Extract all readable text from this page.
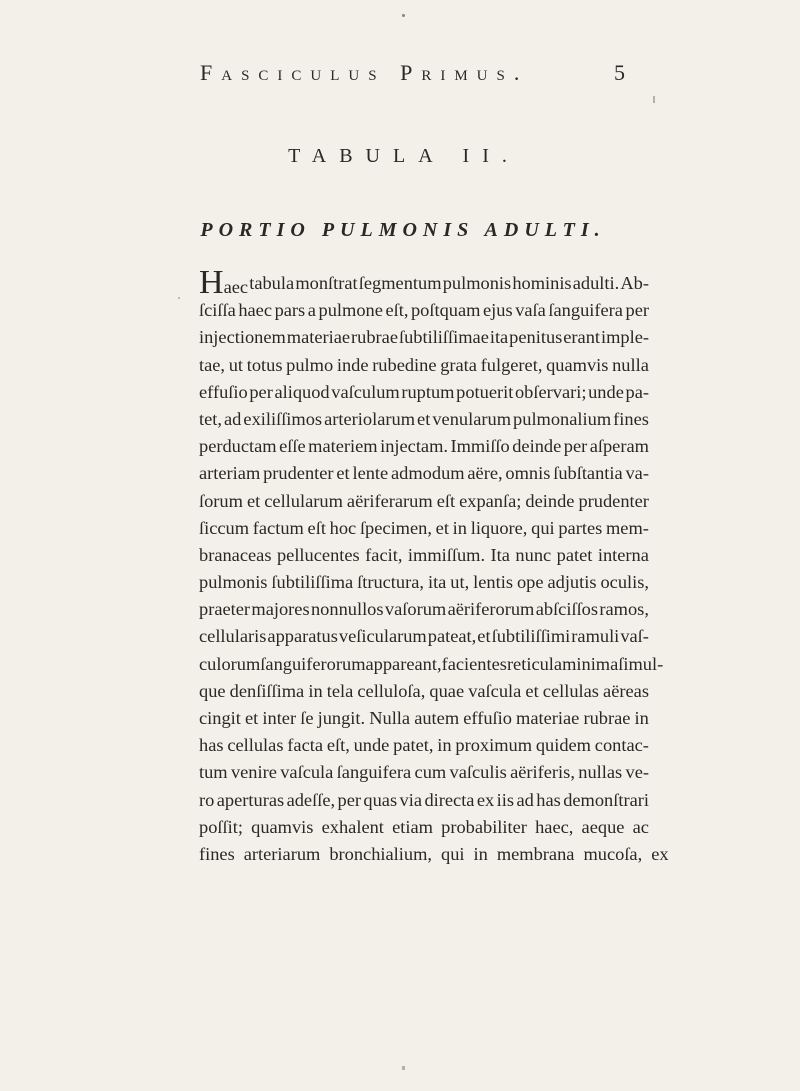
Fasciculus Primus.	5
TABULA II.
PORTIO PULMONIS ADULTI.
Haec tabula monſtrat ſegmentum pulmonis hominis adulti. Ab-
ſciſſa haec pars a pulmone eſt, poſtquam ejus vaſa ſanguifera per
injectionem materiae rubrae ſubtiliſſimae ita penitus erant imple-
tae, ut totus pulmo inde rubedine grata fulgeret, quamvis nulla
effuſio per aliquod vaſculum ruptum potuerit obſervari; unde pa-
tet, ad exiliſſimos arteriolarum et venularum pulmonalium fines
perductam eſſe materiem injectam. Immiſſo deinde per aſperam
arteriam prudenter et lente admodum aëre, omnis ſubſtantia va-
ſorum et cellularum aëriferarum eſt expanſa; deinde prudenter
ſiccum factum eſt hoc ſpecimen, et in liquore, qui partes mem-
branaceas pellucentes facit, immiſſum. Ita nunc patet interna
pulmonis ſubtiliſſima ſtructura, ita ut, lentis ope adjutis oculis,
praeter majores nonnullos vaſorum aëriferorum abſciſſos ramos,
cellularis apparatus veſicularum pateat, et ſubtiliſſimi ramuli vaſ-
culorum ſanguiferorum appareant, facientes reticula minima ſimul-
que denſiſſima in tela celluloſa, quae vaſcula et cellulas aëreas
cingit et inter ſe jungit. Nulla autem effuſio materiae rubrae in
has cellulas facta eſt, unde patet, in proximum quidem contac-
tum venire vaſcula ſanguifera cum vaſculis aëriferis, nullas ve-
ro aperturas adeſſe, per quas via directa ex iis ad has demonſtrari
poſſit; quamvis exhalent etiam probabiliter haec, aeque ac
fines arteriarum bronchialium, qui in membrana mucoſa, ex
